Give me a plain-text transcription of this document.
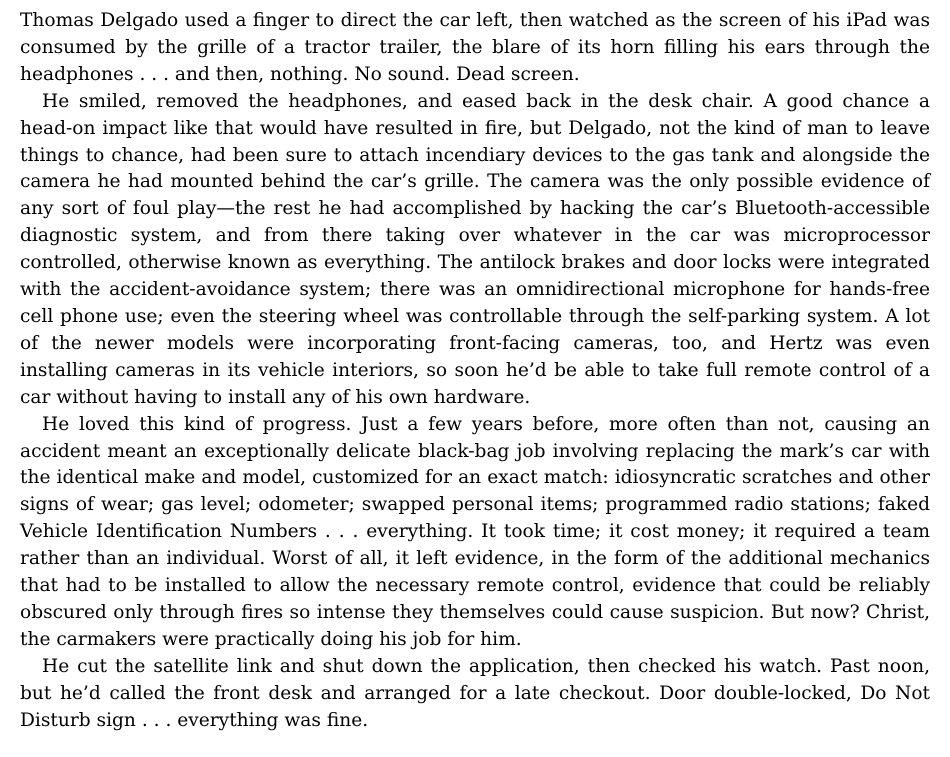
Thomas Delgado used a finger to direct the car left, then watched as the screen of his iPad was consumed by the grille of a tractor trailer, the blare of its horn filling his ears through the headphones . . . and then, nothing. No sound. Dead screen.

He smiled, removed the headphones, and eased back in the desk chair. A good chance a head-on impact like that would have resulted in fire, but Delgado, not the kind of man to leave things to chance, had been sure to attach incendiary devices to the gas tank and alongside the camera he had mounted behind the car’s grille. The camera was the only possible evidence of any sort of foul play—the rest he had accomplished by hacking the car’s Bluetooth-accessible diagnostic system, and from there taking over whatever in the car was microprocessor controlled, otherwise known as everything. The antilock brakes and door locks were integrated with the accident-avoidance system; there was an omnidirectional microphone for hands-free cell phone use; even the steering wheel was controllable through the self-parking system. A lot of the newer models were incorporating front-facing cameras, too, and Hertz was even installing cameras in its vehicle interiors, so soon he’d be able to take full remote control of a car without having to install any of his own hardware.

He loved this kind of progress. Just a few years before, more often than not, causing an accident meant an exceptionally delicate black-bag job involving replacing the mark’s car with the identical make and model, customized for an exact match: idiosyncratic scratches and other signs of wear; gas level; odometer; swapped personal items; programmed radio stations; faked Vehicle Identification Numbers . . . everything. It took time; it cost money; it required a team rather than an individual. Worst of all, it left evidence, in the form of the additional mechanics that had to be installed to allow the necessary remote control, evidence that could be reliably obscured only through fires so intense they themselves could cause suspicion. But now? Christ, the carmakers were practically doing his job for him.

He cut the satellite link and shut down the application, then checked his watch. Past noon, but he’d called the front desk and arranged for a late checkout. Door double-locked, Do Not Disturb sign . . . everything was fine.
